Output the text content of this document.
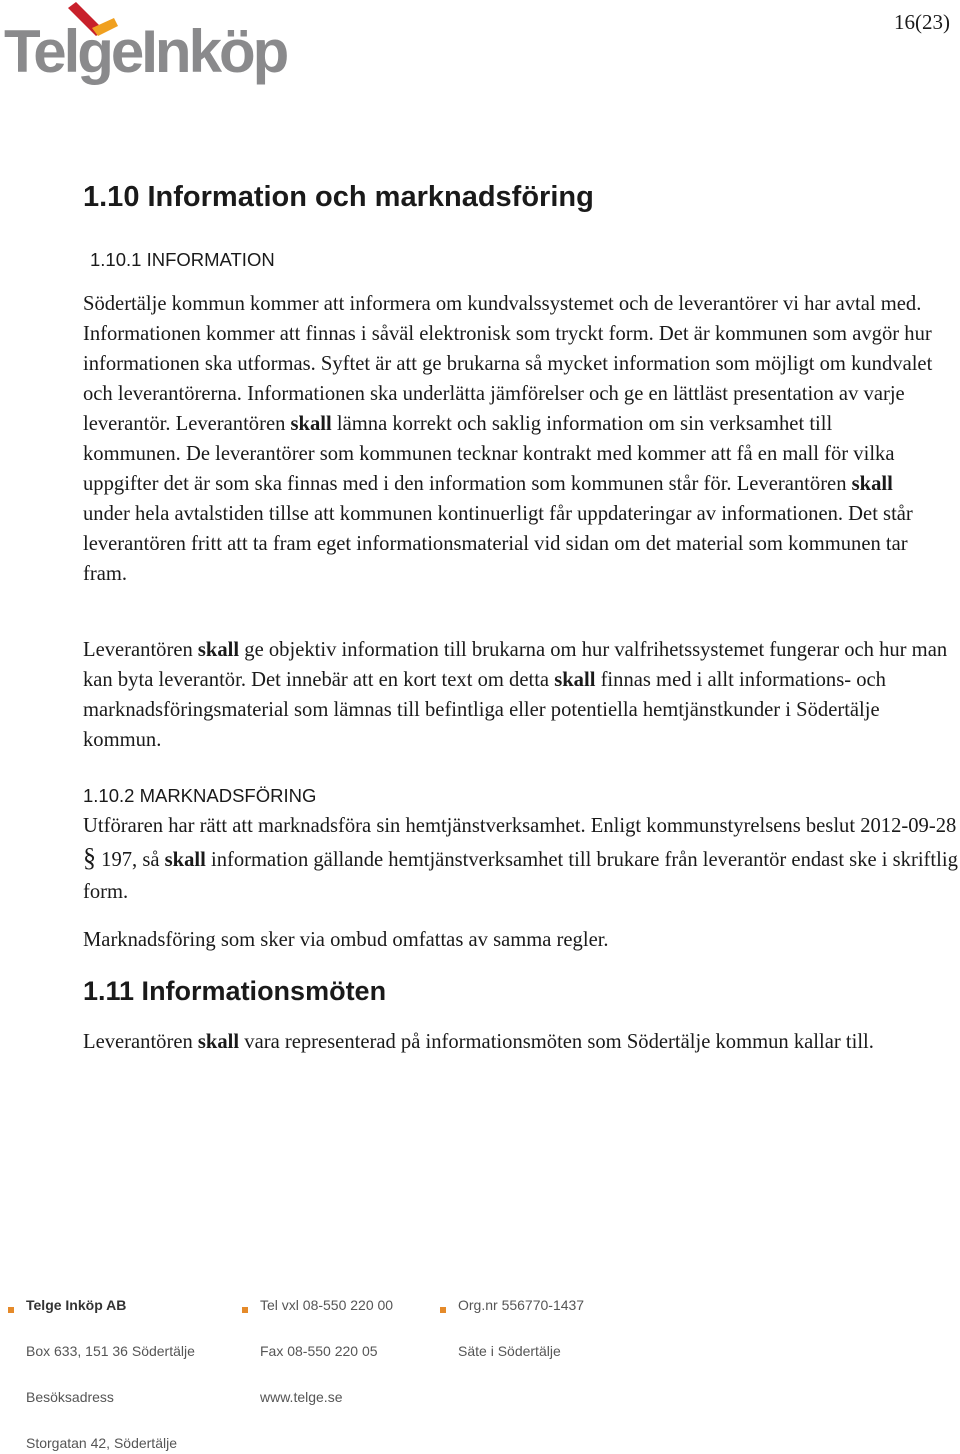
TelgeInköp	16(23)
1.10 Information och marknadsföring
1.10.1 INFORMATION

Södertälje kommun kommer att informera om kundvalssystemet och de leverantörer vi har avtal med. Informationen kommer att finnas i såväl elektronisk som tryckt form. Det är kommunen som avgör hur informationen ska utformas. Syftet är att ge brukarna så mycket information som möjligt om kundvalet och leverantörerna. Informationen ska underlätta jämförelser och ge en lättläst presentation av varje leverantör. Leverantören skall lämna korrekt och saklig information om sin verksamhet till kommunen. De leverantörer som kommunen tecknar kontrakt med kommer att få en mall för vilka uppgifter det är som ska finnas med i den information som kommunen står för. Leverantören skall under hela avtalstiden tillse att kommunen kontinuerligt får uppdateringar av informationen. Det står leverantören fritt att ta fram eget informationsmaterial vid sidan om det material som kommunen tar fram.

Leverantören skall ge objektiv information till brukarna om hur valfrihetssystemet fungerar och hur man kan byta leverantör. Det innebär att en kort text om detta skall finnas med i allt informations- och marknadsföringsmaterial som lämnas till befintliga eller potentiella hemtjänstkunder i Södertälje kommun.

1.10.2 MARKNADSFÖRING

Utföraren har rätt att marknadsföra sin hemtjänstverksamhet. Enligt kommunstyrelsens beslut 2012-09-28 § 197, så skall information gällande hemtjänstverksamhet till brukare från leverantör endast ske i skriftlig form.

Marknadsföring som sker via ombud omfattas av samma regler.

1.11 Informationsmöten

Leverantören skall vara representerad på informationsmöten som Södertälje kommun kallar till.

Telge Inköp AB
Box 633, 151 36 Södertälje
Besöksadress
Storgatan 42, Södertälje
Tel vxl 08-550 220 00
Fax 08-550 220 05
www.telge.se
Org.nr 556770-1437
Säte i Södertälje
